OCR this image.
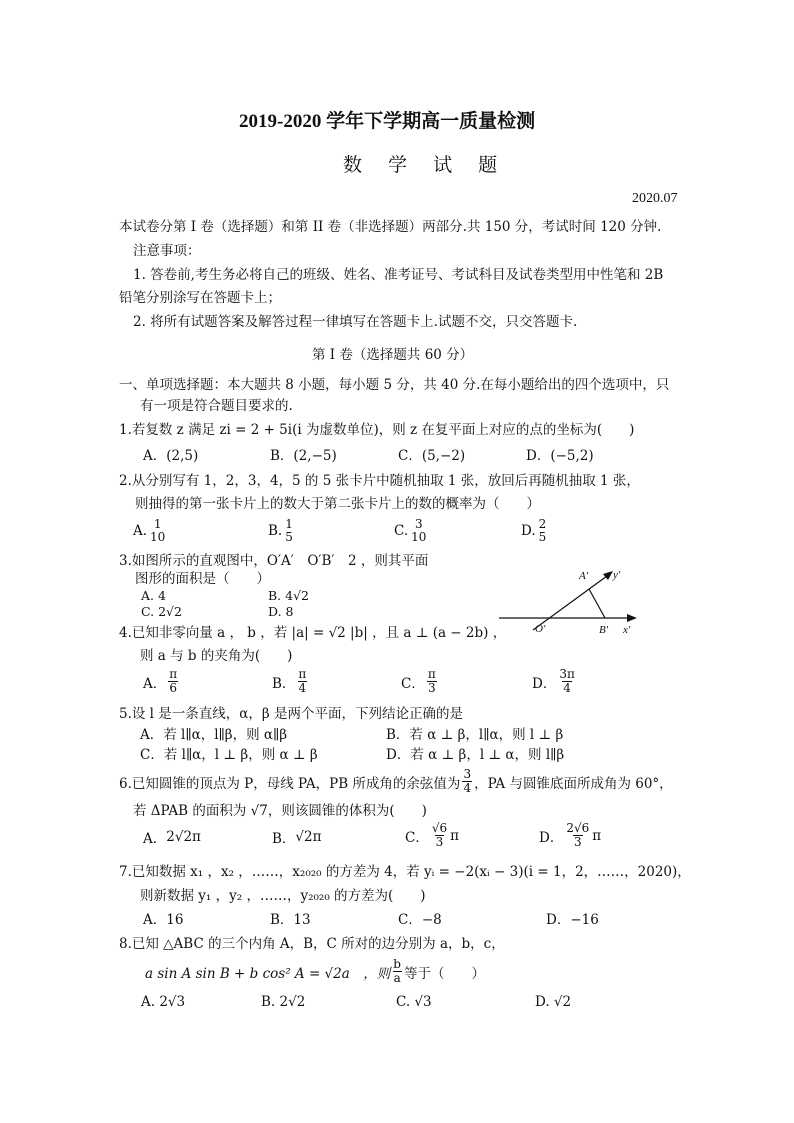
2019-2020 学年下学期高一质量检测
数 学 试 题
2020.07
本试卷分第 I 卷（选择题）和第 II 卷（非选择题）两部分.共 150 分，考试时间 120 分钟.
注意事项：
1. 答卷前,考生务必将自己的班级、姓名、准考证号、考试科目及试卷类型用中性笔和 2B
铅笔分别涂写在答题卡上；
2. 将所有试题答案及解答过程一律填写在答题卡上.试题不交，只交答题卡.
第 I 卷（选择题共 60 分）
一、单项选择题：本大题共 8 小题，每小题 5 分，共 40 分.在每小题给出的四个选项中，只
有一项是符合题目要求的.
1.若复数 z 满足 zi = 2 + 5i(i 为虚数单位)，则 z 在复平面上对应的点的坐标为(　　)
A．(2,5)	B．(2,−5)	C．(5,−2)	D．(−5,2)
2.从分别写有 1，2，3，4，5 的 5 张卡片中随机抽取 1 张，放回后再随机抽取 1 张，
则抽得的第一张卡片上的数大于第二张卡片上的数的概率为（　　）
A. 1
10	B. 1
5	C. 3
10	D. 2
5
3.如图所示的直观图中，O′A′　O′B′　2 ，则其平面
图形的面积是（　　）
A. 4	B. 4√2
C. 2√2	D. 8
A′ y′
O′	B′ x′
4.已知非零向量 a ， b ，若 |a| = √2 |b| ，且 a ⊥ (a − 2b) ，
则 a 与 b 的夹角为(　　)
A． $\frac{\pi}{6}$	B． $\frac{\pi}{4}$	C． $\frac{\pi}{3}$	D． $\frac{3\pi}{4}$
5.设 l 是一条直线，α，β 是两个平面，下列结论正确的是
A．若 l∥α，l∥β，则 α∥β	B．若 α ⊥ β，l∥α，则 l ⊥ β
C．若 l∥α，l ⊥ β，则 α ⊥ β	D．若 α ⊥ β，l ⊥ α，则 l∥β
6.已知圆锥的顶点为 P，母线 PA，PB 所成角的余弦值为 $\frac{3}{4}$ ，PA 与圆锥底面所成角为 60°，
若 ΔPAB 的面积为 √7，则该圆锥的体积为(　　)
A． 2√2π	B． √2π	C． $\frac{√6}{3}$ π	D． $\frac{2√6}{3}$ π
7.已知数据 x₁ ，x₂ ，……，x₂₀₂₀ 的方差为 4，若 yᵢ = −2(xᵢ − 3)(i = 1，2，……，2020)，
则新数据 y₁ ，y₂ ，……，y₂₀₂₀ 的方差为(　　)
A．16	B．13	C．−8	D．−16
8.已知 △ABC 的三个内角 A，B，C 所对的边分别为 a，b，c，
a sin A sin B + b cos² A = √2a　，则 $\frac{b}{a}$ 等于（　　）
A. 2√3	B. 2√2	C. √3	D. √2
